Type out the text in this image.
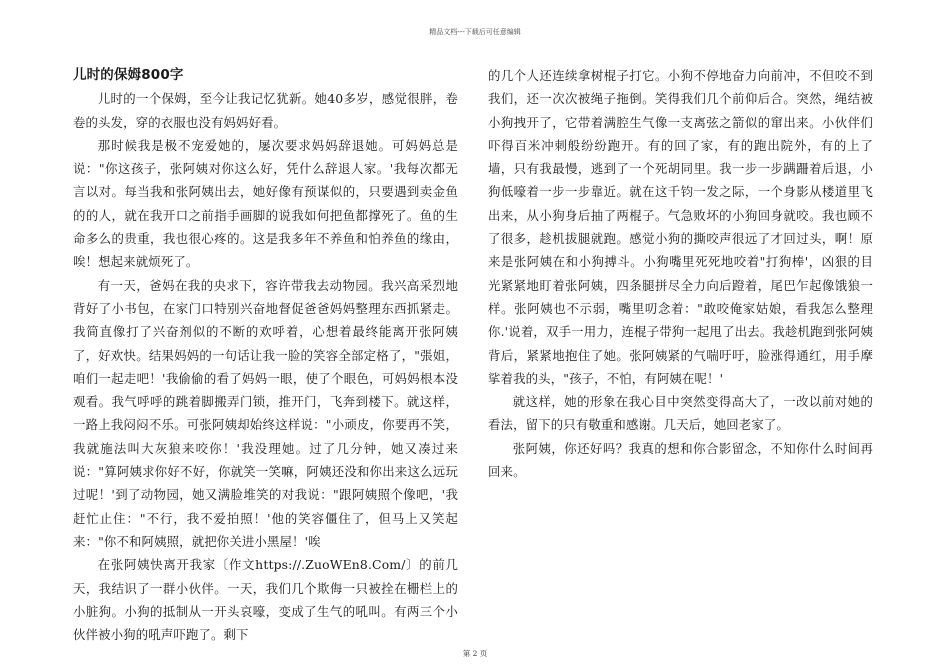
精品文档---下载后可任意编辑
儿时的保姆800字

儿时的一个保姆，至今让我记忆犹新。她40多岁，感觉很胖，卷卷的头发，穿的衣服也没有妈妈好看。

那时候我是极不宠爱她的，屡次要求妈妈辞退她。可妈妈总是说："你这孩子，张阿姨对你这么好，凭什么辞退人家。'我每次都无言以对。每当我和张阿姨出去，她好像有预谋似的，只要遇到卖金鱼的的人，就在我开口之前指手画脚的说我如何把鱼都撑死了。鱼的生命多么的贵重，我也很心疼的。这是我多年不养鱼和怕养鱼的缘由，唉！想起来就烦死了。

有一天，爸妈在我的央求下，容许带我去动物园。我兴高采烈地背好了小书包，在家门口特别兴奋地督促爸爸妈妈整理东西抓紧走。我简直像打了兴奋剂似的不断的欢呼着，心想着最终能离开张阿姨了，好欢快。结果妈妈的一句话让我一脸的笑容全部定格了，"張姐，咱们一起走吧！'我偷偷的看了妈妈一眼，使了个眼色，可妈妈根本没观看。我气呼呼的跳着脚搬弄门锁，推开门，飞奔到楼下。就这样，一路上我闷闷不乐。可张阿姨却始终这样说："小顽皮，你要再不笑，我就施法叫大灰狼来咬你！'我没理她。过了几分钟，她又凑过来说："算阿姨求你好不好，你就笑一笑嘛，阿姨还没和你出来这么远玩过呢！'到了动物园，她又满脸堆笑的对我说："跟阿姨照个像吧，'我赶忙止住："不行，我不爱拍照！'他的笑容僵住了，但马上又笑起来："你不和阿姨照，就把你关进小黑屋！'唉

在张阿姨快离开我家〔作文https://.ZuoWEn8.Com/〕的前几天，我结识了一群小伙伴。一天，我们几个欺侮一只被拴在栅栏上的小脏狗。小狗的抵制从一开头哀嚎，变成了生气的吼叫。有两三个小伙伴被小狗的吼声吓跑了。剩下

的几个人还连续拿树棍子打它。小狗不停地奋力向前冲，不但咬不到我们，还一次次被绳子拖倒。笑得我们几个前仰后合。突然，绳结被小狗拽开了，它带着满腔生气像一支离弦之箭似的窜出来。小伙伴们吓得百米冲刺般纷纷跑开。有的回了家，有的跑出院外，有的上了墙，只有我最慢，逃到了一个死胡同里。我一步一步蹒跚着后退，小狗低嚎着一步一步靠近。就在这千钧一发之际，一个身影从楼道里飞出来，从小狗身后抽了两棍子。气急败坏的小狗回身就咬。我也顾不了很多，趁机拔腿就跑。感觉小狗的撕咬声很远了才回过头，啊！原来是张阿姨在和小狗搏斗。小狗嘴里死死地咬着"打狗棒'，凶狠的目光紧紧地盯着张阿姨，四条腿拼尽全力向后蹬着，尾巴乍起像饿狼一样。张阿姨也不示弱，嘴里叨念着："敢咬俺家姑娘，看我怎么整理你.'说着，双手一用力，连棍子带狗一起甩了出去。我趁机跑到张阿姨背后，紧紧地抱住了她。张阿姨紧的气喘吁吁，脸涨得通红，用手摩挲着我的头，"孩子，不怕，有阿姨在呢！'

就这样，她的形象在我心目中突然变得高大了，一改以前对她的看法，留下的只有敬重和感谢。几天后，她回老家了。

张阿姨，你还好吗？我真的想和你合影留念，不知你什么时间再回来。

第 2 页
